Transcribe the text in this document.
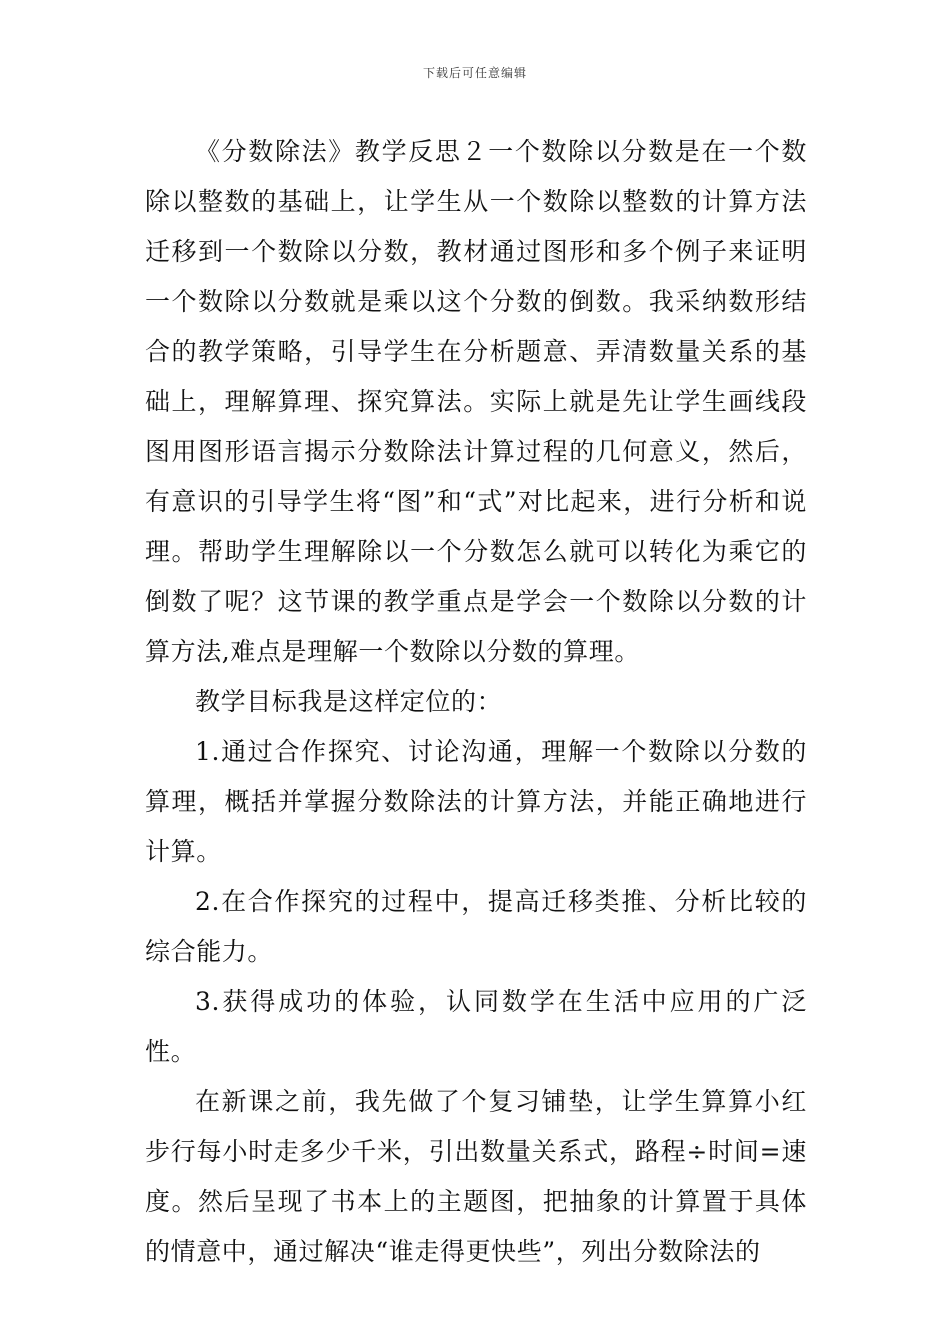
下载后可任意编辑

《分数除法》教学反思２一个数除以分数是在一个数除以整数的基础上，让学生从一个数除以整数的计算方法迁移到一个数除以分数，教材通过图形和多个例子来证明一个数除以分数就是乘以这个分数的倒数。我采纳数形结合的教学策略，引导学生在分析题意、弄清数量关系的基础上，理解算理、探究算法。实际上就是先让学生画线段图用图形语言揭示分数除法计算过程的几何意义，然后，有意识的引导学生将“图”和“式”对比起来，进行分析和说理。帮助学生理解除以一个分数怎么就可以转化为乘它的倒数了呢？这节课的教学重点是学会一个数除以分数的计算方法,难点是理解一个数除以分数的算理。

教学目标我是这样定位的：

1.通过合作探究、讨论沟通，理解一个数除以分数的算理，概括并掌握分数除法的计算方法，并能正确地进行计算。

2.在合作探究的过程中，提高迁移类推、分析比较的综合能力。

3.获得成功的体验，认同数学在生活中应用的广泛性。

在新课之前，我先做了个复习铺垫，让学生算算小红步行每小时走多少千米，引出数量关系式，路程÷时间=速度。然后呈现了书本上的主题图，把抽象的计算置于具体的情意中，通过解决“谁走得更快些”，列出分数除法的
